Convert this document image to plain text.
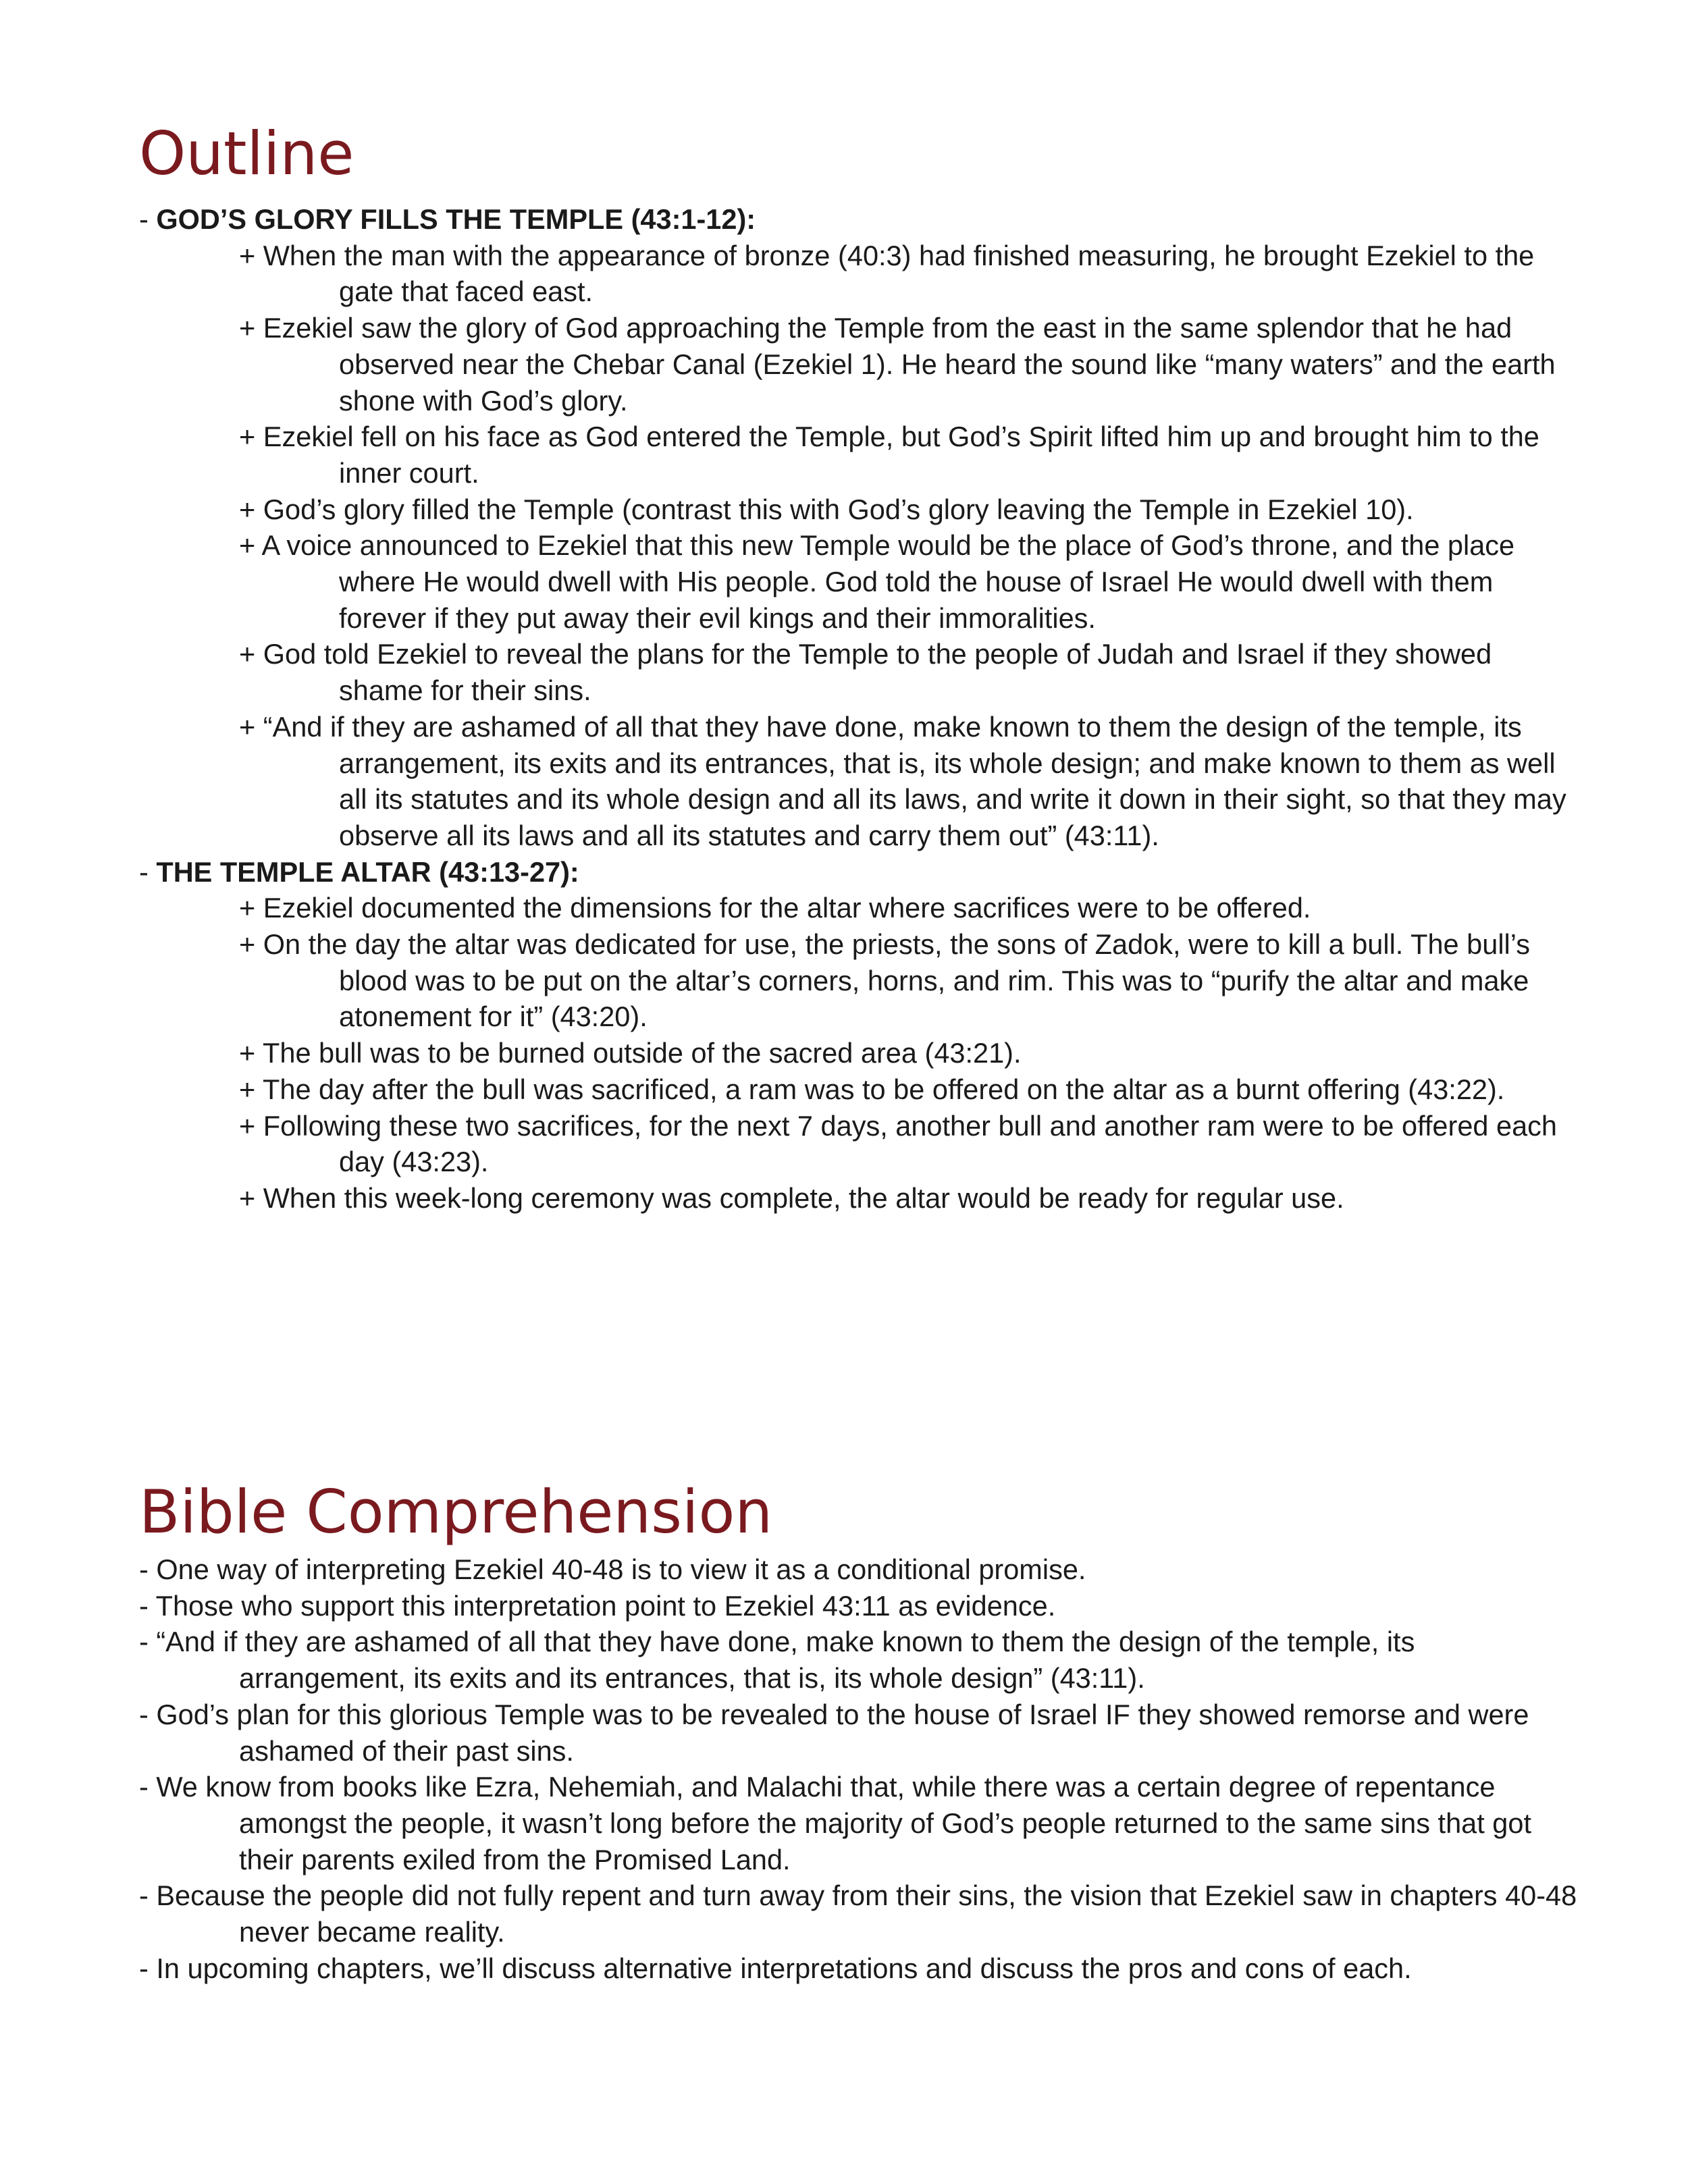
Outline
- GOD’S GLORY FILLS THE TEMPLE (43:1-12):
+ When the man with the appearance of bronze (40:3) had finished measuring, he brought Ezekiel to the gate that faced east.
+ Ezekiel saw the glory of God approaching the Temple from the east in the same splendor that he had observed near the Chebar Canal (Ezekiel 1). He heard the sound like “many waters” and the earth shone with God’s glory.
+ Ezekiel fell on his face as God entered the Temple, but God’s Spirit lifted him up and brought him to the inner court.
+ God’s glory filled the Temple (contrast this with God’s glory leaving the Temple in Ezekiel 10).
+ A voice announced to Ezekiel that this new Temple would be the place of God’s throne, and the place where He would dwell with His people. God told the house of Israel He would dwell with them forever if they put away their evil kings and their immoralities.
+ God told Ezekiel to reveal the plans for the Temple to the people of Judah and Israel if they showed shame for their sins.
+ “And if they are ashamed of all that they have done, make known to them the design of the temple, its arrangement, its exits and its entrances, that is, its whole design; and make known to them as well all its statutes and its whole design and all its laws, and write it down in their sight, so that they may observe all its laws and all its statutes and carry them out” (43:11).
- THE TEMPLE ALTAR (43:13-27):
+ Ezekiel documented the dimensions for the altar where sacrifices were to be offered.
+ On the day the altar was dedicated for use, the priests, the sons of Zadok, were to kill a bull. The bull’s blood was to be put on the altar’s corners, horns, and rim. This was to “purify the altar and make atonement for it” (43:20).
+ The bull was to be burned outside of the sacred area (43:21).
+ The day after the bull was sacrificed, a ram was to be offered on the altar as a burnt offering (43:22).
+ Following these two sacrifices, for the next 7 days, another bull and another ram were to be offered each day (43:23).
+ When this week-long ceremony was complete, the altar would be ready for regular use.
Bible Comprehension
- One way of interpreting Ezekiel 40-48 is to view it as a conditional promise.
- Those who support this interpretation point to Ezekiel 43:11 as evidence.
- “And if they are ashamed of all that they have done, make known to them the design of the temple, its arrangement, its exits and its entrances, that is, its whole design” (43:11).
- God’s plan for this glorious Temple was to be revealed to the house of Israel IF they showed remorse and were ashamed of their past sins.
- We know from books like Ezra, Nehemiah, and Malachi that, while there was a certain degree of repentance amongst the people, it wasn’t long before the majority of God’s people returned to the same sins that got their parents exiled from the Promised Land.
- Because the people did not fully repent and turn away from their sins, the vision that Ezekiel saw in chapters 40-48 never became reality.
- In upcoming chapters, we’ll discuss alternative interpretations and discuss the pros and cons of each.
